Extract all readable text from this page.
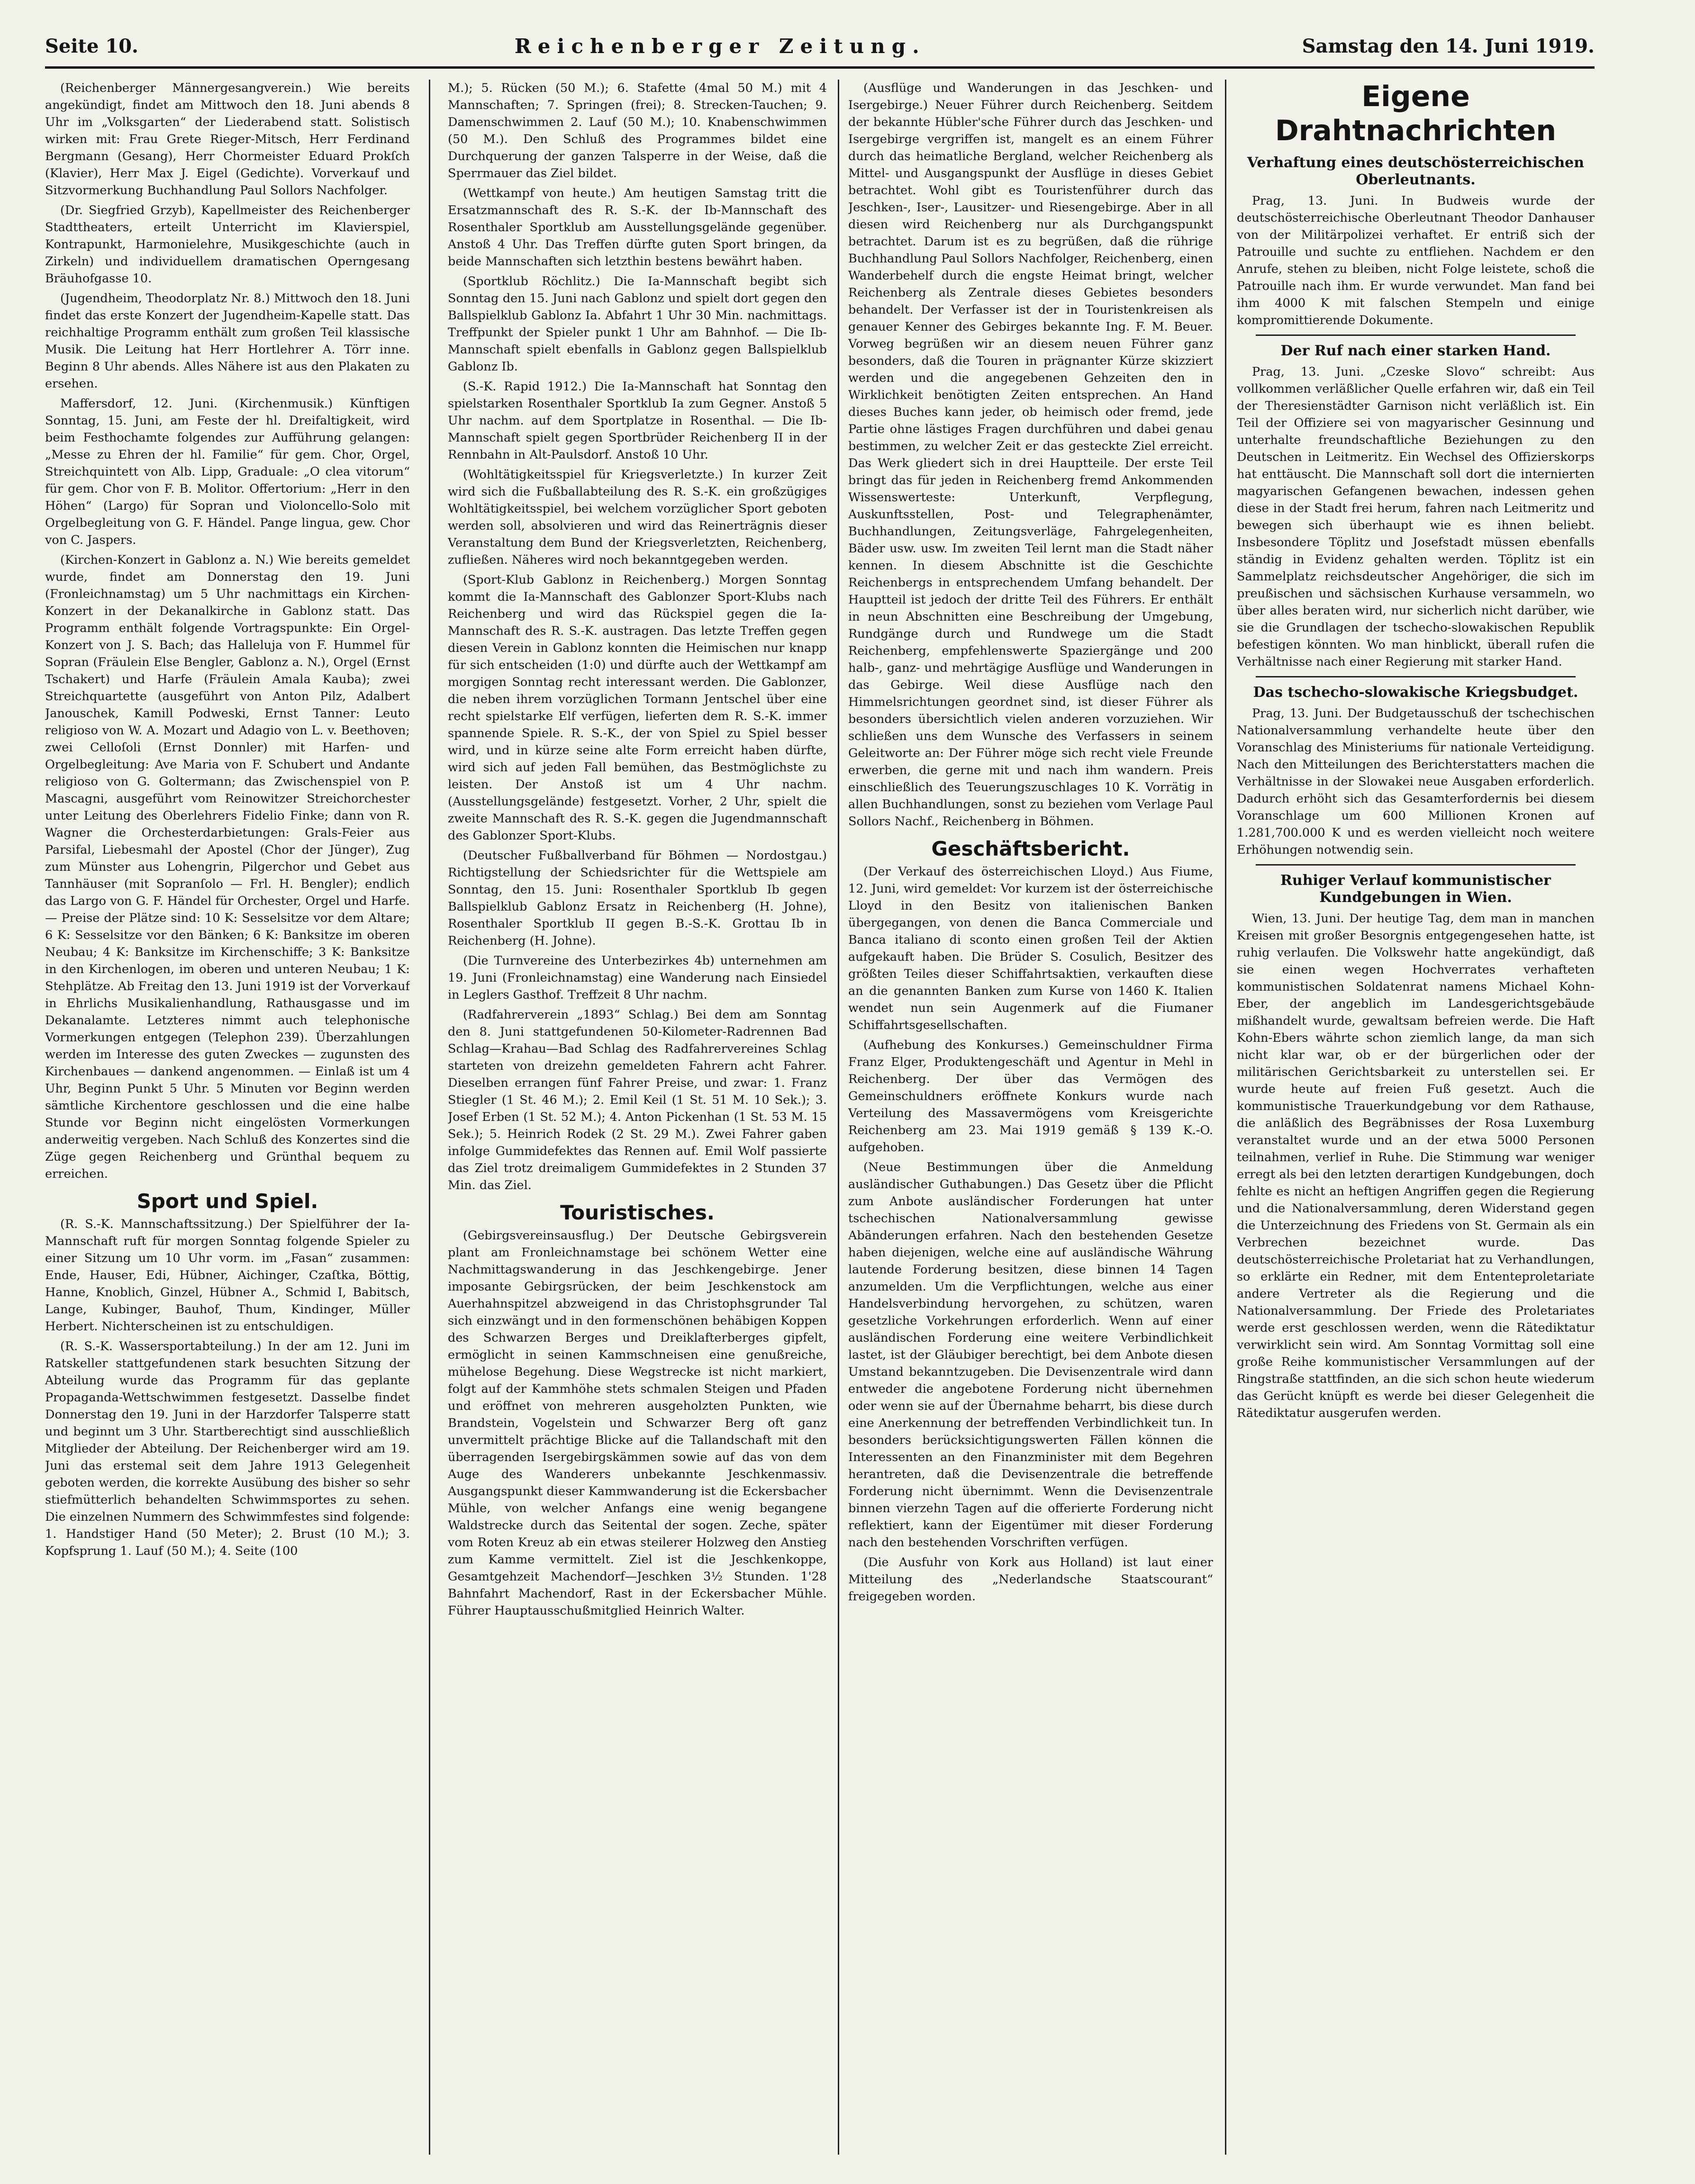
Seite 10.	Reichenberger Zeitung.	Samstag den 14. Juni 1919.

(Reichenberger Männergesangverein.) Wie bereits angekündigt, findet am Mittwoch den 18. Juni abends 8 Uhr im „Volksgarten“ der Liederabend statt. Solistisch wirken mit: Frau Grete Rieger-Mitsch, Herr Ferdinand Bergmann (Gesang), Herr Chormeister Eduard Prokſch (Klavier), Herr Max J. Eigel (Gedichte). Vorverkauf und Sitzvormerkung Buchhandlung Paul Sollors Nachfolger.

(Dr. Siegfried Grzyb), Kapellmeister des Reichenberger Stadttheaters, erteilt Unterricht im Klavierspiel, Kontrapunkt, Harmonielehre, Musikgeschichte (auch in Zirkeln) und individuellem dramatischen Operngesang Bräuhofgasse 10.

(Jugendheim, Theodorplatz Nr. 8.) Mittwoch den 18. Juni findet das erste Konzert der Jugendheim-Kapelle statt. Das reichhaltige Programm enthält zum großen Teil klassische Musik. Die Leitung hat Herr Hortlehrer A. Törr inne. Beginn 8 Uhr abends. Alles Nähere ist aus den Plakaten zu ersehen.

Maffersdorf, 12. Juni. (Kirchenmusik.) Künftigen Sonntag, 15. Juni, am Feste der hl. Dreifaltigkeit, wird beim Festhochamte folgendes zur Aufführung gelangen: „Messe zu Ehren der hl. Familie“ für gem. Chor, Orgel, Streichquintett von Alb. Lipp, Graduale: „O clea vitorum“ für gem. Chor von F. B. Molitor. Offertorium: „Herr in den Höhen“ (Largo) für Sopran und Violoncello-Solo mit Orgelbegleitung von G. F. Händel. Pange lingua, gew. Chor von C. Jaspers.

(Kirchen-Konzert in Gablonz a. N.) Wie bereits gemeldet wurde, findet am Donnerstag den 19. Juni (Fronleichnamstag) um 5 Uhr nachmittags ein Kirchen-Konzert in der Dekanalkirche in Gablonz statt. Das Programm enthält folgende Vortragspunkte: Ein Orgel-Konzert von J. S. Bach; das Halleluja von F. Hummel für Sopran (Fräulein Else Bengler, Gablonz a. N.), Orgel (Ernst Tschakert) und Harfe (Fräulein Amala Kauba); zwei Streichquartette (ausgeführt von Anton Pilz, Adalbert Janouschek, Kamill Podweski, Ernst Tanner: Leuto religioso von W. A. Mozart und Adagio von L. v. Beethoven; zwei Celloſoli (Ernst Donnler) mit Harfen- und Orgelbegleitung: Ave Maria von F. Schubert und Andante religioso von G. Goltermann; das Zwischenspiel von P. Mascagni, ausgeführt vom Reinowitzer Streichorchester unter Leitung des Oberlehrers Fidelio Finke; dann von R. Wagner die Orchesterdarbietungen: Grals-Feier aus Parsifal, Liebesmahl der Apostel (Chor der Jünger), Zug zum Münster aus Lohengrin, Pilgerchor und Gebet aus Tannhäuser (mit Sopranſolo — Frl. H. Bengler); endlich das Largo von G. F. Händel für Orchester, Orgel und Harfe. — Preise der Plätze sind: 10 K: Sesselsitze vor dem Altare; 6 K: Sesselsitze vor den Bänken; 6 K: Banksitze im oberen Neubau; 4 K: Banksitze im Kirchenschiffe; 3 K: Banksitze in den Kirchenlogen, im oberen und unteren Neubau; 1 K: Stehplätze. Ab Freitag den 13. Juni 1919 ist der Vorverkauf in Ehrlichs Musikalienhandlung, Rathausgasse und im Dekanalamte. Letzteres nimmt auch telephonische Vormerkungen entgegen (Telephon 239). Überzahlungen werden im Interesse des guten Zweckes — zugunsten des Kirchenbaues — dankend angenommen. — Einlaß ist um 4 Uhr, Beginn Punkt 5 Uhr. 5 Minuten vor Beginn werden sämtliche Kirchentore geschlossen und die eine halbe Stunde vor Beginn nicht eingelösten Vormerkungen anderweitig vergeben. Nach Schluß des Konzertes sind die Züge gegen Reichenberg und Grünthal bequem zu erreichen.

Sport und Spiel.

(R. S.-K. Mannschaftssitzung.) Der Spielführer der Ia-Mannschaft ruft für morgen Sonntag folgende Spieler zu einer Sitzung um 10 Uhr vorm. im „Fasan“ zusammen: Ende, Hauser, Edi, Hübner, Aichinger, Czaſtka, Böttig, Hanne, Knoblich, Ginzel, Hübner A., Schmid I, Babitsch, Lange, Kubinger, Bauhof, Thum, Kindinger, Müller Herbert. Nichterscheinen ist zu entschuldigen.

(R. S.-K. Wassersportabteilung.) In der am 12. Juni im Ratskeller stattgefundenen stark besuchten Sitzung der Abteilung wurde das Programm für das geplante Propaganda-Wettschwimmen festgesetzt. Dasselbe findet Donnerstag den 19. Juni in der Harzdorfer Talsperre statt und beginnt um 3 Uhr. Startberechtigt sind ausschließlich Mitglieder der Abteilung. Der Reichenberger wird am 19. Juni das erstemal seit dem Jahre 1913 Gelegenheit geboten werden, die korrekte Ausübung des bisher so sehr stiefmütterlich behandelten Schwimmsportes zu sehen. Die einzelnen Nummern des Schwimmfestes sind folgende: 1. Handstiger Hand (50 Meter); 2. Brust (10 M.); 3. Kopfsprung 1. Lauf (50 M.); 4. Seite (100

M.); 5. Rücken (50 M.); 6. Stafette (4mal 50 M.) mit 4 Mannschaften; 7. Springen (frei); 8. Strecken-Tauchen; 9. Damenschwimmen 2. Lauf (50 M.); 10. Knabenschwimmen (50 M.). Den Schluß des Programmes bildet eine Durchquerung der ganzen Talsperre in der Weise, daß die Sperrmauer das Ziel bildet.

(Wettkampf von heute.) Am heutigen Samstag tritt die Ersatzmannschaft des R. S.-K. der Ib-Mannschaft des Rosenthaler Sportklub am Ausstellungsgelände gegenüber. Anstoß 4 Uhr. Das Treffen dürfte guten Sport bringen, da beide Mannschaften sich letzthin bestens bewährt haben.

(Sportklub Röchlitz.) Die Ia-Mannschaft begibt sich Sonntag den 15. Juni nach Gablonz und spielt dort gegen den Ballspielklub Gablonz Ia. Abfahrt 1 Uhr 30 Min. nachmittags. Treffpunkt der Spieler punkt 1 Uhr am Bahnhof. — Die Ib-Mannschaft spielt ebenfalls in Gablonz gegen Ballspielklub Gablonz Ib.

(S.-K. Rapid 1912.) Die Ia-Mannschaft hat Sonntag den spielstarken Rosenthaler Sportklub Ia zum Gegner. Anstoß 5 Uhr nachm. auf dem Sportplatze in Rosenthal. — Die Ib-Mannschaft spielt gegen Sportbrüder Reichenberg II in der Rennbahn in Alt-Paulsdorf. Anstoß 10 Uhr.

(Wohltätigkeitsspiel für Kriegsverletzte.) In kurzer Zeit wird sich die Fußballabteilung des R. S.-K. ein großzügiges Wohltätigkeitsspiel, bei welchem vorzüglicher Sport geboten werden soll, absolvieren und wird das Reinerträgnis dieser Veranstaltung dem Bund der Kriegsverletzten, Reichenberg, zufließen. Näheres wird noch bekanntgegeben werden.

(Sport-Klub Gablonz in Reichenberg.) Morgen Sonntag kommt die Ia-Mannschaft des Gablonzer Sport-Klubs nach Reichenberg und wird das Rückspiel gegen die Ia-Mannschaft des R. S.-K. austragen. Das letzte Treffen gegen diesen Verein in Gablonz konnten die Heimischen nur knapp für sich entscheiden (1:0) und dürfte auch der Wettkampf am morgigen Sonntag recht interessant werden. Die Gablonzer, die neben ihrem vorzüglichen Tormann Jentschel über eine recht spielstarke Elf verfügen, lieferten dem R. S.-K. immer spannende Spiele. R. S.-K., der von Spiel zu Spiel besser wird, und in kürze seine alte Form erreicht haben dürfte, wird sich auf jeden Fall bemühen, das Bestmöglichste zu leisten. Der Anstoß ist um 4 Uhr nachm. (Ausstellungsgelände) festgesetzt. Vorher, 2 Uhr, spielt die zweite Mannschaft des R. S.-K. gegen die Jugendmannschaft des Gablonzer Sport-Klubs.

(Deutscher Fußballverband für Böhmen — Nordostgau.) Richtigstellung der Schiedsrichter für die Wettspiele am Sonntag, den 15. Juni: Rosenthaler Sportklub Ib gegen Ballspielklub Gablonz Ersatz in Reichenberg (H. Johne), Rosenthaler Sportklub II gegen B.-S.-K. Grottau Ib in Reichenberg (H. Johne).

(Die Turnvereine des Unterbezirkes 4b) unternehmen am 19. Juni (Fronleichnamstag) eine Wanderung nach Einsiedel in Leglers Gasthof. Treffzeit 8 Uhr nachm.

(Radfahrerverein „1893“ Schlag.) Bei dem am Sonntag den 8. Juni stattgefundenen 50-Kilometer-Radrennen Bad Schlag—Krahau—Bad Schlag des Radfahrervereines Schlag starteten von dreizehn gemeldeten Fahrern acht Fahrer. Dieselben errangen fünf Fahrer Preise, und zwar: 1. Franz Stiegler (1 St. 46 M.); 2. Emil Keil (1 St. 51 M. 10 Sek.); 3. Josef Erben (1 St. 52 M.); 4. Anton Pickenhan (1 St. 53 M. 15 Sek.); 5. Heinrich Rodek (2 St. 29 M.). Zwei Fahrer gaben infolge Gummidefektes das Rennen auf. Emil Wolf passierte das Ziel trotz dreimaligem Gummidefektes in 2 Stunden 37 Min. das Ziel.

Touristisches.

(Gebirgsvereinsausflug.) Der Deutsche Gebirgsverein plant am Fronleichnamstage bei schönem Wetter eine Nachmittagswanderung in das Jeschkengebirge. Jener imposante Gebirgsrücken, der beim Jeschkenstock am Auerhahnspitzel abzweigend in das Christophsgrunder Tal sich einzwängt und in den formenschönen behäbigen Koppen des Schwarzen Berges und Dreiklafterberges gipfelt, ermöglicht in seinen Kammschneisen eine genußreiche, mühelose Begehung. Diese Wegstrecke ist nicht markiert, folgt auf der Kammhöhe stets schmalen Steigen und Pfaden und eröffnet von mehreren ausgeholzten Punkten, wie Brandstein, Vogelstein und Schwarzer Berg oft ganz unvermittelt prächtige Blicke auf die Tallandschaft mit den überragenden Isergebirgskämmen sowie auf das von dem Auge des Wanderers unbekannte Jeschkenmassiv. Ausgangspunkt dieser Kammwanderung ist die Eckersbacher Mühle, von welcher Anfangs eine wenig begangene Waldstrecke durch das Seitental der sogen. Zeche, später vom Roten Kreuz ab ein etwas steilerer Holzweg den Anstieg zum Kamme vermittelt. Ziel ist die Jeschkenkoppe, Gesamtgehzeit Machendorf—Jeschken 3½ Stunden. 1'28 Bahnfahrt Machendorf, Rast in der Eckersbacher Mühle. Führer Hauptausschußmitglied Heinrich Walter.

(Ausflüge und Wanderungen in das Jeschken- und Isergebirge.) Neuer Führer durch Reichenberg. Seitdem der bekannte Hübler'sche Führer durch das Jeschken- und Isergebirge vergriffen ist, mangelt es an einem Führer durch das heimatliche Bergland, welcher Reichenberg als Mittel- und Ausgangspunkt der Ausflüge in dieses Gebiet betrachtet. Wohl gibt es Touristenführer durch das Jeschken-, Iser-, Lausitzer- und Riesengebirge. Aber in all diesen wird Reichenberg nur als Durchgangspunkt betrachtet. Darum ist es zu begrüßen, daß die rührige Buchhandlung Paul Sollors Nachfolger, Reichenberg, einen Wanderbehelf durch die engste Heimat bringt, welcher Reichenberg als Zentrale dieses Gebietes besonders behandelt. Der Verfasser ist der in Touristenkreisen als genauer Kenner des Gebirges bekannte Ing. F. M. Beuer. Vorweg begrüßen wir an diesem neuen Führer ganz besonders, daß die Touren in prägnanter Kürze skizziert werden und die angegebenen Gehzeiten den in Wirklichkeit benötigten Zeiten entsprechen. An Hand dieses Buches kann jeder, ob heimisch oder fremd, jede Partie ohne lästiges Fragen durchführen und dabei genau bestimmen, zu welcher Zeit er das gesteckte Ziel erreicht. Das Werk gliedert sich in drei Hauptteile. Der erste Teil bringt das für jeden in Reichenberg fremd Ankommenden Wissenswerteste: Unterkunft, Verpflegung, Auskunftsstellen, Post- und Telegraphenämter, Buchhandlungen, Zeitungsverläge, Fahrgelegenheiten, Bäder usw. usw. Im zweiten Teil lernt man die Stadt näher kennen. In diesem Abschnitte ist die Geschichte Reichenbergs in entsprechendem Umfang behandelt. Der Hauptteil ist jedoch der dritte Teil des Führers. Er enthält in neun Abschnitten eine Beschreibung der Umgebung, Rundgänge durch und Rundwege um die Stadt Reichenberg, empfehlenswerte Spaziergänge und 200 halb-, ganz- und mehrtägige Ausflüge und Wanderungen in das Gebirge. Weil diese Ausflüge nach den Himmelsrichtungen geordnet sind, ist dieser Führer als besonders übersichtlich vielen anderen vorzuziehen. Wir schließen uns dem Wunsche des Verfassers in seinem Geleitworte an: Der Führer möge sich recht viele Freunde erwerben, die gerne mit und nach ihm wandern. Preis einschließlich des Teuerungszuschlages 10 K. Vorrätig in allen Buchhandlungen, sonst zu beziehen vom Verlage Paul Sollors Nachf., Reichenberg in Böhmen.

Geschäftsbericht.

(Der Verkauf des österreichischen Lloyd.) Aus Fiume, 12. Juni, wird gemeldet: Vor kurzem ist der österreichische Lloyd in den Besitz von italienischen Banken übergegangen, von denen die Banca Commerciale und Banca italiano di sconto einen großen Teil der Aktien aufgekauft haben. Die Brüder S. Cosulich, Besitzer des größten Teiles dieser Schiffahrtsaktien, verkauften diese an die genannten Banken zum Kurse von 1460 K. Italien wendet nun sein Augenmerk auf die Fiumaner Schiffahrtsgesellschaften.

(Aufhebung des Konkurses.) Gemeinschuldner Firma Franz Elger, Produktengeschäft und Agentur in Mehl in Reichenberg. Der über das Vermögen des Gemeinschuldners eröffnete Konkurs wurde nach Verteilung des Massavermögens vom Kreisgerichte Reichenberg am 23. Mai 1919 gemäß § 139 K.-O. aufgehoben.

(Neue Bestimmungen über die Anmeldung ausländischer Guthabungen.) Das Gesetz über die Pflicht zum Anbote ausländischer Forderungen hat unter tschechischen Nationalversammlung gewisse Abänderungen erfahren. Nach den bestehenden Gesetze haben diejenigen, welche eine auf ausländische Währung lautende Forderung besitzen, diese binnen 14 Tagen anzumelden. Um die Verpflichtungen, welche aus einer Handelsverbindung hervorgehen, zu schützen, waren gesetzliche Vorkehrungen erforderlich. Wenn auf einer ausländischen Forderung eine weitere Verbindlichkeit lastet, ist der Gläubiger berechtigt, bei dem Anbote diesen Umstand bekanntzugeben. Die Devisenzentrale wird dann entweder die angebotene Forderung nicht übernehmen oder wenn sie auf der Übernahme beharrt, bis diese durch eine Anerkennung der betreffenden Verbindlichkeit tun. In besonders berücksichtigungswerten Fällen können die Interessenten an den Finanzminister mit dem Begehren herantreten, daß die Devisenzentrale die betreffende Forderung nicht übernimmt. Wenn die Devisenzentrale binnen vierzehn Tagen auf die offerierte Forderung nicht reflektiert, kann der Eigentümer mit dieser Forderung nach den bestehenden Vorschriften verfügen.

(Die Ausfuhr von Kork aus Holland) ist laut einer Mitteilung des „Nederlandsche Staatscourant“ freigegeben worden.

Eigene Drahtnachrichten
Verhaftung eines deutschösterreichischen Oberleutnants.

Prag, 13. Juni. In Budweis wurde der deutschösterreichische Oberleutnant Theodor Danhauser von der Militärpolizei verhaftet. Er entriß sich der Patrouille und suchte zu entfliehen. Nachdem er den Anrufe, stehen zu bleiben, nicht Folge leistete, schoß die Patrouille nach ihm. Er wurde verwundet. Man fand bei ihm 4000 K mit falschen Stempeln und einige kompromittierende Dokumente.

Der Ruf nach einer starken Hand.

Prag, 13. Juni. „Czeske Slovo“ schreibt: Aus vollkommen verläßlicher Quelle erfahren wir, daß ein Teil der Theresienstädter Garnison nicht verläßlich ist. Ein Teil der Offiziere sei von magyarischer Gesinnung und unterhalte freundschaftliche Beziehungen zu den Deutschen in Leitmeritz. Ein Wechsel des Offizierskorps hat enttäuscht. Die Mannschaft soll dort die internierten magyarischen Gefangenen bewachen, indessen gehen diese in der Stadt frei herum, fahren nach Leitmeritz und bewegen sich überhaupt wie es ihnen beliebt. Insbesondere Töplitz und Josefstadt müssen ebenfalls ständig in Evidenz gehalten werden. Töplitz ist ein Sammelplatz reichsdeutscher Angehöriger, die sich im preußischen und sächsischen Kurhause versammeln, wo über alles beraten wird, nur sicherlich nicht darüber, wie sie die Grundlagen der tschecho-slowakischen Republik befestigen könnten. Wo man hinblickt, überall rufen die Verhältnisse nach einer Regierung mit starker Hand.

Das tschecho-slowakische Kriegsbudget.

Prag, 13. Juni. Der Budgetausschuß der tschechischen Nationalversammlung verhandelte heute über den Voranschlag des Ministeriums für nationale Verteidigung. Nach den Mitteilungen des Berichterstatters machen die Verhältnisse in der Slowakei neue Ausgaben erforderlich. Dadurch erhöht sich das Gesamterfordernis bei diesem Voranschlage um 600 Millionen Kronen auf 1.281,700.000 K und es werden vielleicht noch weitere Erhöhungen notwendig sein.

Ruhiger Verlauf kommunistischer Kundgebungen in Wien.

Wien, 13. Juni. Der heutige Tag, dem man in manchen Kreisen mit großer Besorgnis entgegengesehen hatte, ist ruhig verlaufen. Die Volkswehr hatte angekündigt, daß sie einen wegen Hochverrates verhafteten kommunistischen Soldatenrat namens Michael Kohn-Eber, der angeblich im Landesgerichtsgebäude mißhandelt wurde, gewaltsam befreien werde. Die Haft Kohn-Ebers währte schon ziemlich lange, da man sich nicht klar war, ob er der bürgerlichen oder der militärischen Gerichtsbarkeit zu unterstellen sei. Er wurde heute auf freien Fuß gesetzt. Auch die kommunistische Trauerkundgebung vor dem Rathause, die anläßlich des Begräbnisses der Rosa Luxemburg veranstaltet wurde und an der etwa 5000 Personen teilnahmen, verlief in Ruhe. Die Stimmung war weniger erregt als bei den letzten derartigen Kundgebungen, doch fehlte es nicht an heftigen Angriffen gegen die Regierung und die Nationalversammlung, deren Widerstand gegen die Unterzeichnung des Friedens von St. Germain als ein Verbrechen bezeichnet wurde. Das deutschösterreichische Proletariat hat zu Verhandlungen, so erklärte ein Redner, mit dem Ententeproletariate andere Vertreter als die Regierung und die Nationalversammlung. Der Friede des Proletariates werde erst geschlossen werden, wenn die Rätediktatur verwirklicht sein wird. Am Sonntag Vormittag soll eine große Reihe kommunistischer Versammlungen auf der Ringstraße stattfinden, an die sich schon heute wiederum das Gerücht knüpft es werde bei dieser Gelegenheit die Rätediktatur ausgerufen werden.
